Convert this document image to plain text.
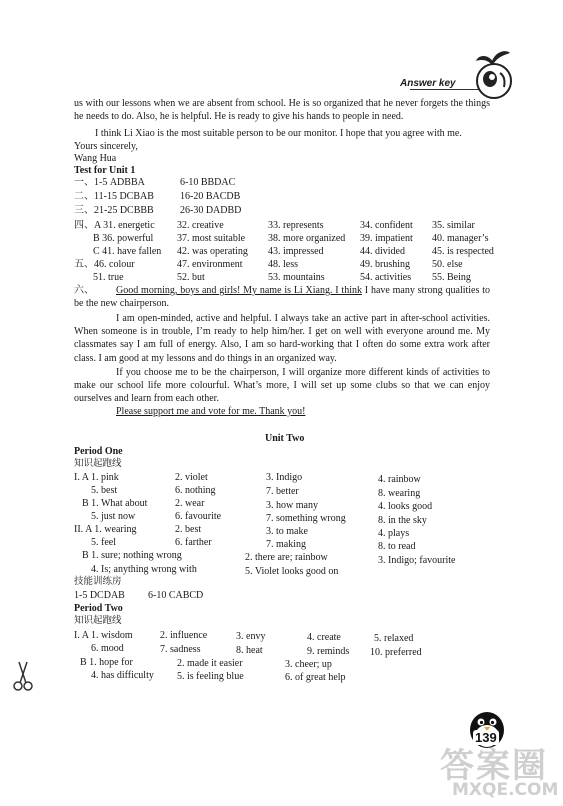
Answer key
us with our lessons when we are absent from school. He is so organized that he never forgets the things he needs to do. Also, he is helpful. He is ready to give his hands to people in need.
I think Li Xiao is the most suitable person to be our monitor. I hope that you agree with me.
Yours sincerely,
Wang Hua
Test for Unit 1
一、1-5 ADBBA	6-10 BBDAC
二、11-15 DCBAB	16-20 BACDB
三、21-25 DCBBB	26-30 DADBD
四、A 31. energetic 32. creative	33. represents	34. confident 35. similar
B 36. powerful 37. most suitable 38. more organized 39. impatient 40. manager’s
C 41. have fallen 42. was operating 43. impressed	44. divided	45. is respected
五、46. colour	47. environment	48. less	49. brushing 50. else
51. true	52. but	53. mountains	54. activities 55. Being
六、	Good morning, boys and girls! My name is Li Xiang. I think I have many strong qualities to be the new chairperson.
I am open-minded, active and helpful. I always take an active part in after-school activities. When someone is in trouble, I’m ready to help him/her. I get on well with everyone around me. My classmates say I am full of energy. Also, I am so hard-working that I often do some extra work after class. I am good at my lessons and do things in an organized way.
If you choose me to be the chairperson, I will organize more different kinds of activities to make our school life more colourful. What’s more, I will set up some clubs so that we can enjoy ourselves and learn from each other.
Please support me and vote for me. Thank you!
Unit Two
Period One
知识起跑线
I. A 1. pink	2. violet	3. Indigo	4. rainbow
5. best	6. nothing	7. better	8. wearing
B 1. What about	2. wear	3. how many	4. looks good
5. just now	6. favourite	7. something wrong	8. in the sky
II. A 1. wearing	2. best	3. to make	4. plays
5. feel	6. farther	7. making	8. to read
B 1. sure; nothing wrong	2. there are; rainbow	3. Indigo; favourite
4. Is; anything wrong with	5. Violet looks good on
技能训练房
1-5 DCDAB 6-10 CABCD
Period Two
知识起跑线
I. A 1. wisdom	2. influence	3. envy	4. create	5. relaxed
6. mood	7. sadness	8. heat	9. reminds 10. preferred
B 1. hope for	2. made it easier	3. cheer; up
4. has difficulty 5. is feeling blue	6. of great help
139
答案圈
MXQE.COM
